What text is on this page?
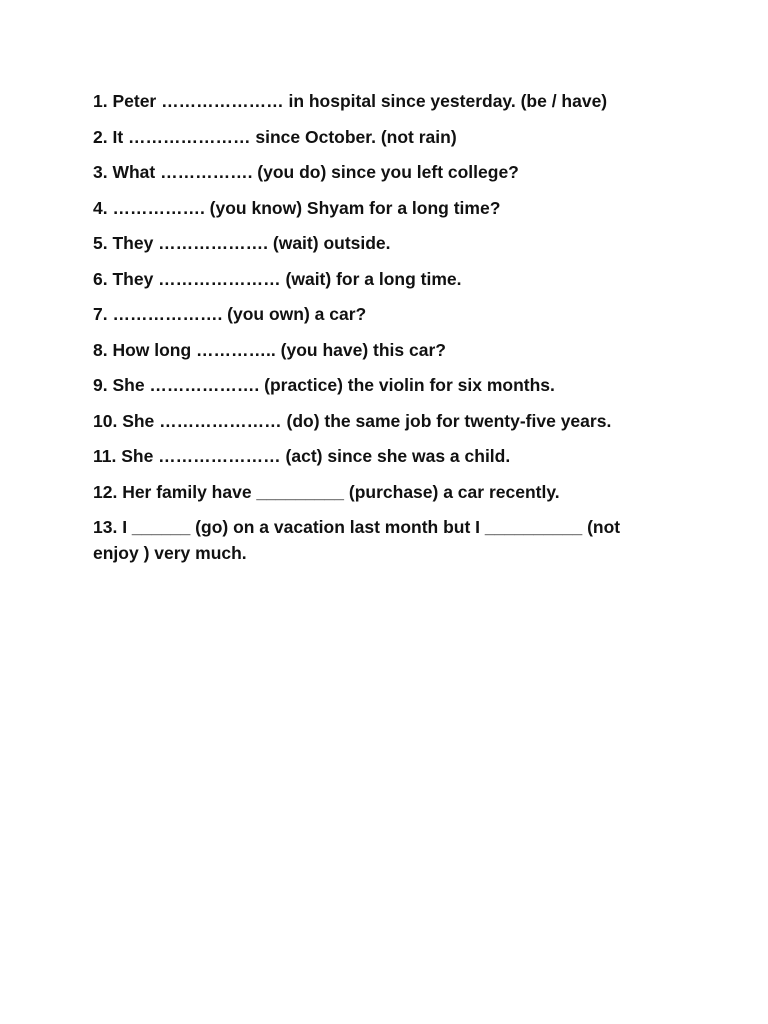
1. Peter ………………… in hospital since yesterday. (be / have)
2. It ………………… since October. (not rain)
3. What ……………. (you do) since you left college?
4. ……………. (you know) Shyam for a long time?
5. They ………………. (wait) outside.
6. They ………………… (wait) for a long time.
7. ………………. (you own) a car?
8. How long ………….. (you have) this car?
9. She ………………. (practice) the violin for six months.
10. She ………………… (do) the same job for twenty-five years.
11. She ………………… (act) since she was a child.
12. Her family have _________ (purchase) a car recently.
13. I ______ (go) on a vacation last month but I __________ (not enjoy ) very much.
